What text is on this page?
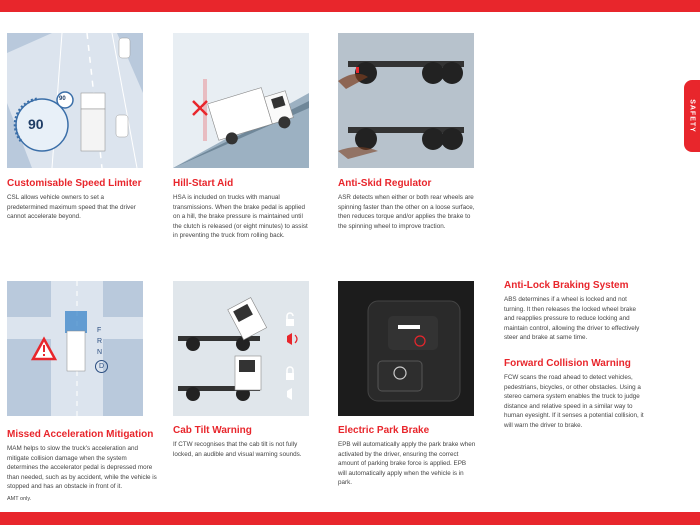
SAFETY
90
90
F
R
N
D
Customisable Speed Limiter
CSL allows vehicle owners to set a predetermined maximum speed that the driver cannot accelerate beyond.
Hill-Start Aid
HSA is included on trucks with manual transmissions. When the brake pedal is applied on a hill, the brake pressure is maintained until the clutch is released (or eight minutes) to assist in preventing the truck from rolling back.
Anti-Skid Regulator
ASR detects when either or both rear wheels are spinning faster than the other on a loose surface, then reduces torque and/or applies the brake to the spinning wheel to improve traction.
Missed Acceleration Mitigation
MAM helps to slow the truck's acceleration and mitigate collision damage when the system determines the accelerator pedal is depressed more than needed, such as by accident, while the vehicle is stopped and has an obstacle in front of it.
AMT only.
Cab Tilt Warning
If CTW recognises that the cab tilt is not fully locked, an audible and visual warning sounds.
Electric Park Brake
EPB will automatically apply the park brake when activated by the driver, ensuring the correct amount of parking brake force is applied. EPB will automatically apply when the vehicle is in park.
Anti-Lock Braking System
ABS determines if a wheel is locked and not turning. It then releases the locked wheel brake and reapplies pressure to reduce locking and maintain control, allowing the driver to effectively steer and brake at same time.
Forward Collision Warning
FCW scans the road ahead to detect vehicles, pedestrians, bicycles, or other obstacles. Using a stereo camera system enables the truck to judge distance and relative speed in a similar way to human eyesight. If it senses a potential collision, it will warn the driver to brake.
